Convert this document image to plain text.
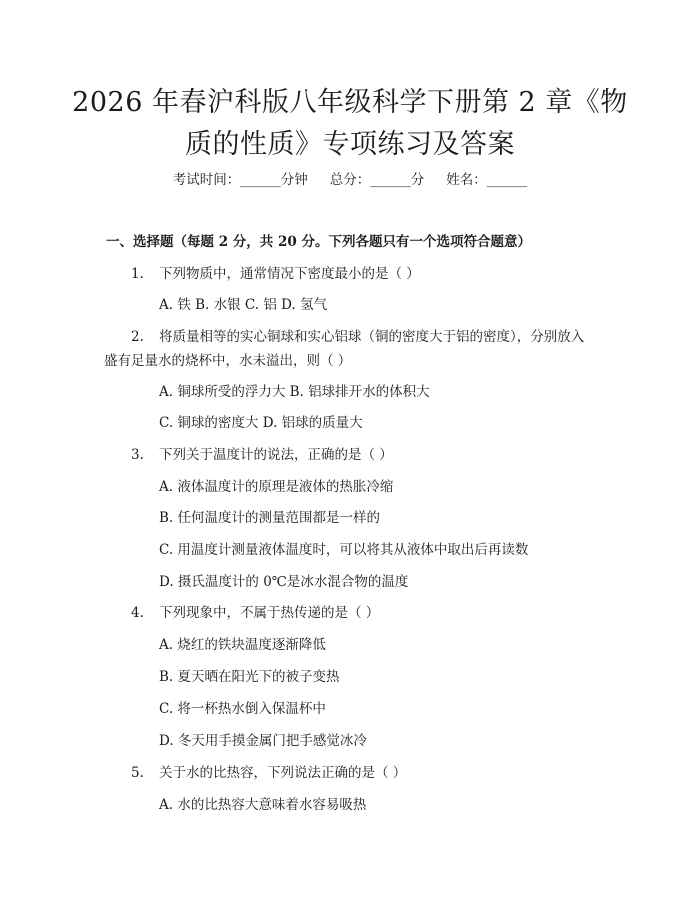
2026 年春沪科版八年级科学下册第 2 章《物
质的性质》专项练习及答案
考试时间：______分钟 总分：______分 姓名：______
一、选择题（每题 2 分，共 20 分。下列各题只有一个选项符合题意）
1. 下列物质中，通常情况下密度最小的是（ ）
A. 铁 B. 水银 C. 铝 D. 氢气
2. 将质量相等的实心铜球和实心铝球（铜的密度大于铝的密度），分别放入
盛有足量水的烧杯中，水未溢出，则（ ）
A. 铜球所受的浮力大 B. 铝球排开水的体积大
C. 铜球的密度大 D. 铝球的质量大
3. 下列关于温度计的说法，正确的是（ ）
A. 液体温度计的原理是液体的热胀冷缩
B. 任何温度计的测量范围都是一样的
C. 用温度计测量液体温度时，可以将其从液体中取出后再读数
D. 摄氏温度计的 0℃是冰水混合物的温度
4. 下列现象中，不属于热传递的是（ ）
A. 烧红的铁块温度逐渐降低
B. 夏天晒在阳光下的被子变热
C. 将一杯热水倒入保温杯中
D. 冬天用手摸金属门把手感觉冰冷
5. 关于水的比热容，下列说法正确的是（ ）
A. 水的比热容大意味着水容易吸热
